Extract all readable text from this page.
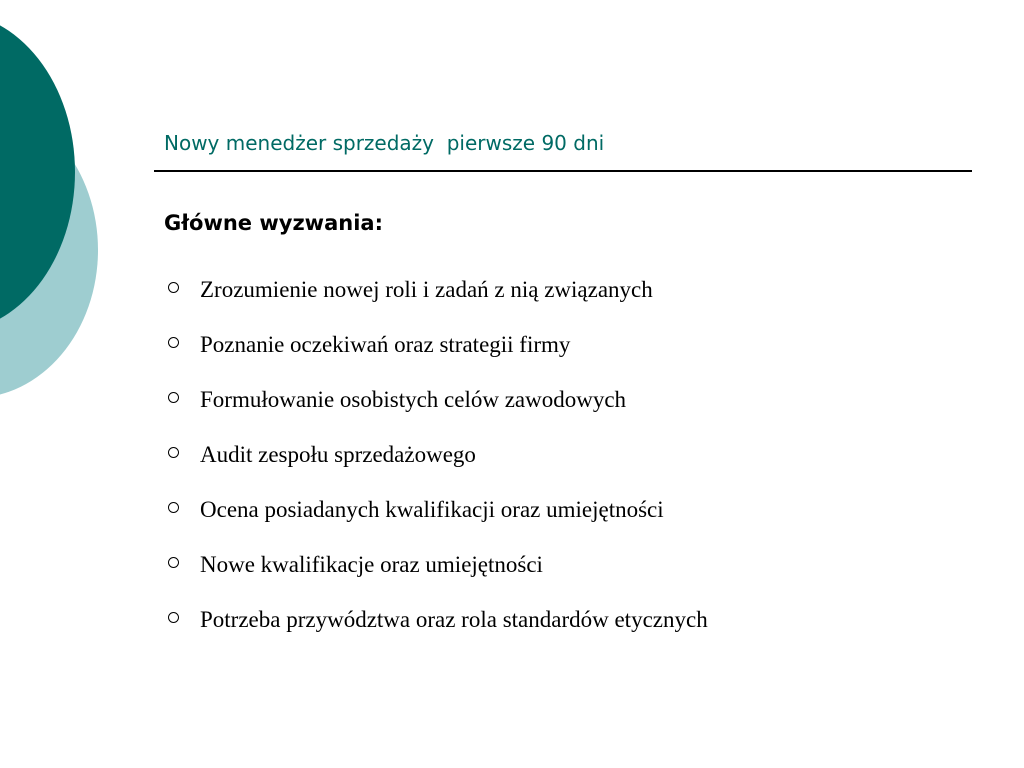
Nowy menedżer sprzedaży  pierwsze 90 dni
Główne wyzwania:
Zrozumienie nowej roli i zadań z nią związanych
Poznanie oczekiwań oraz strategii firmy
Formułowanie osobistych celów zawodowych
Audit zespołu sprzedażowego
Ocena posiadanych kwalifikacji oraz umiejętności
Nowe kwalifikacje oraz umiejętności
Potrzeba przywództwa oraz rola standardów etycznych
